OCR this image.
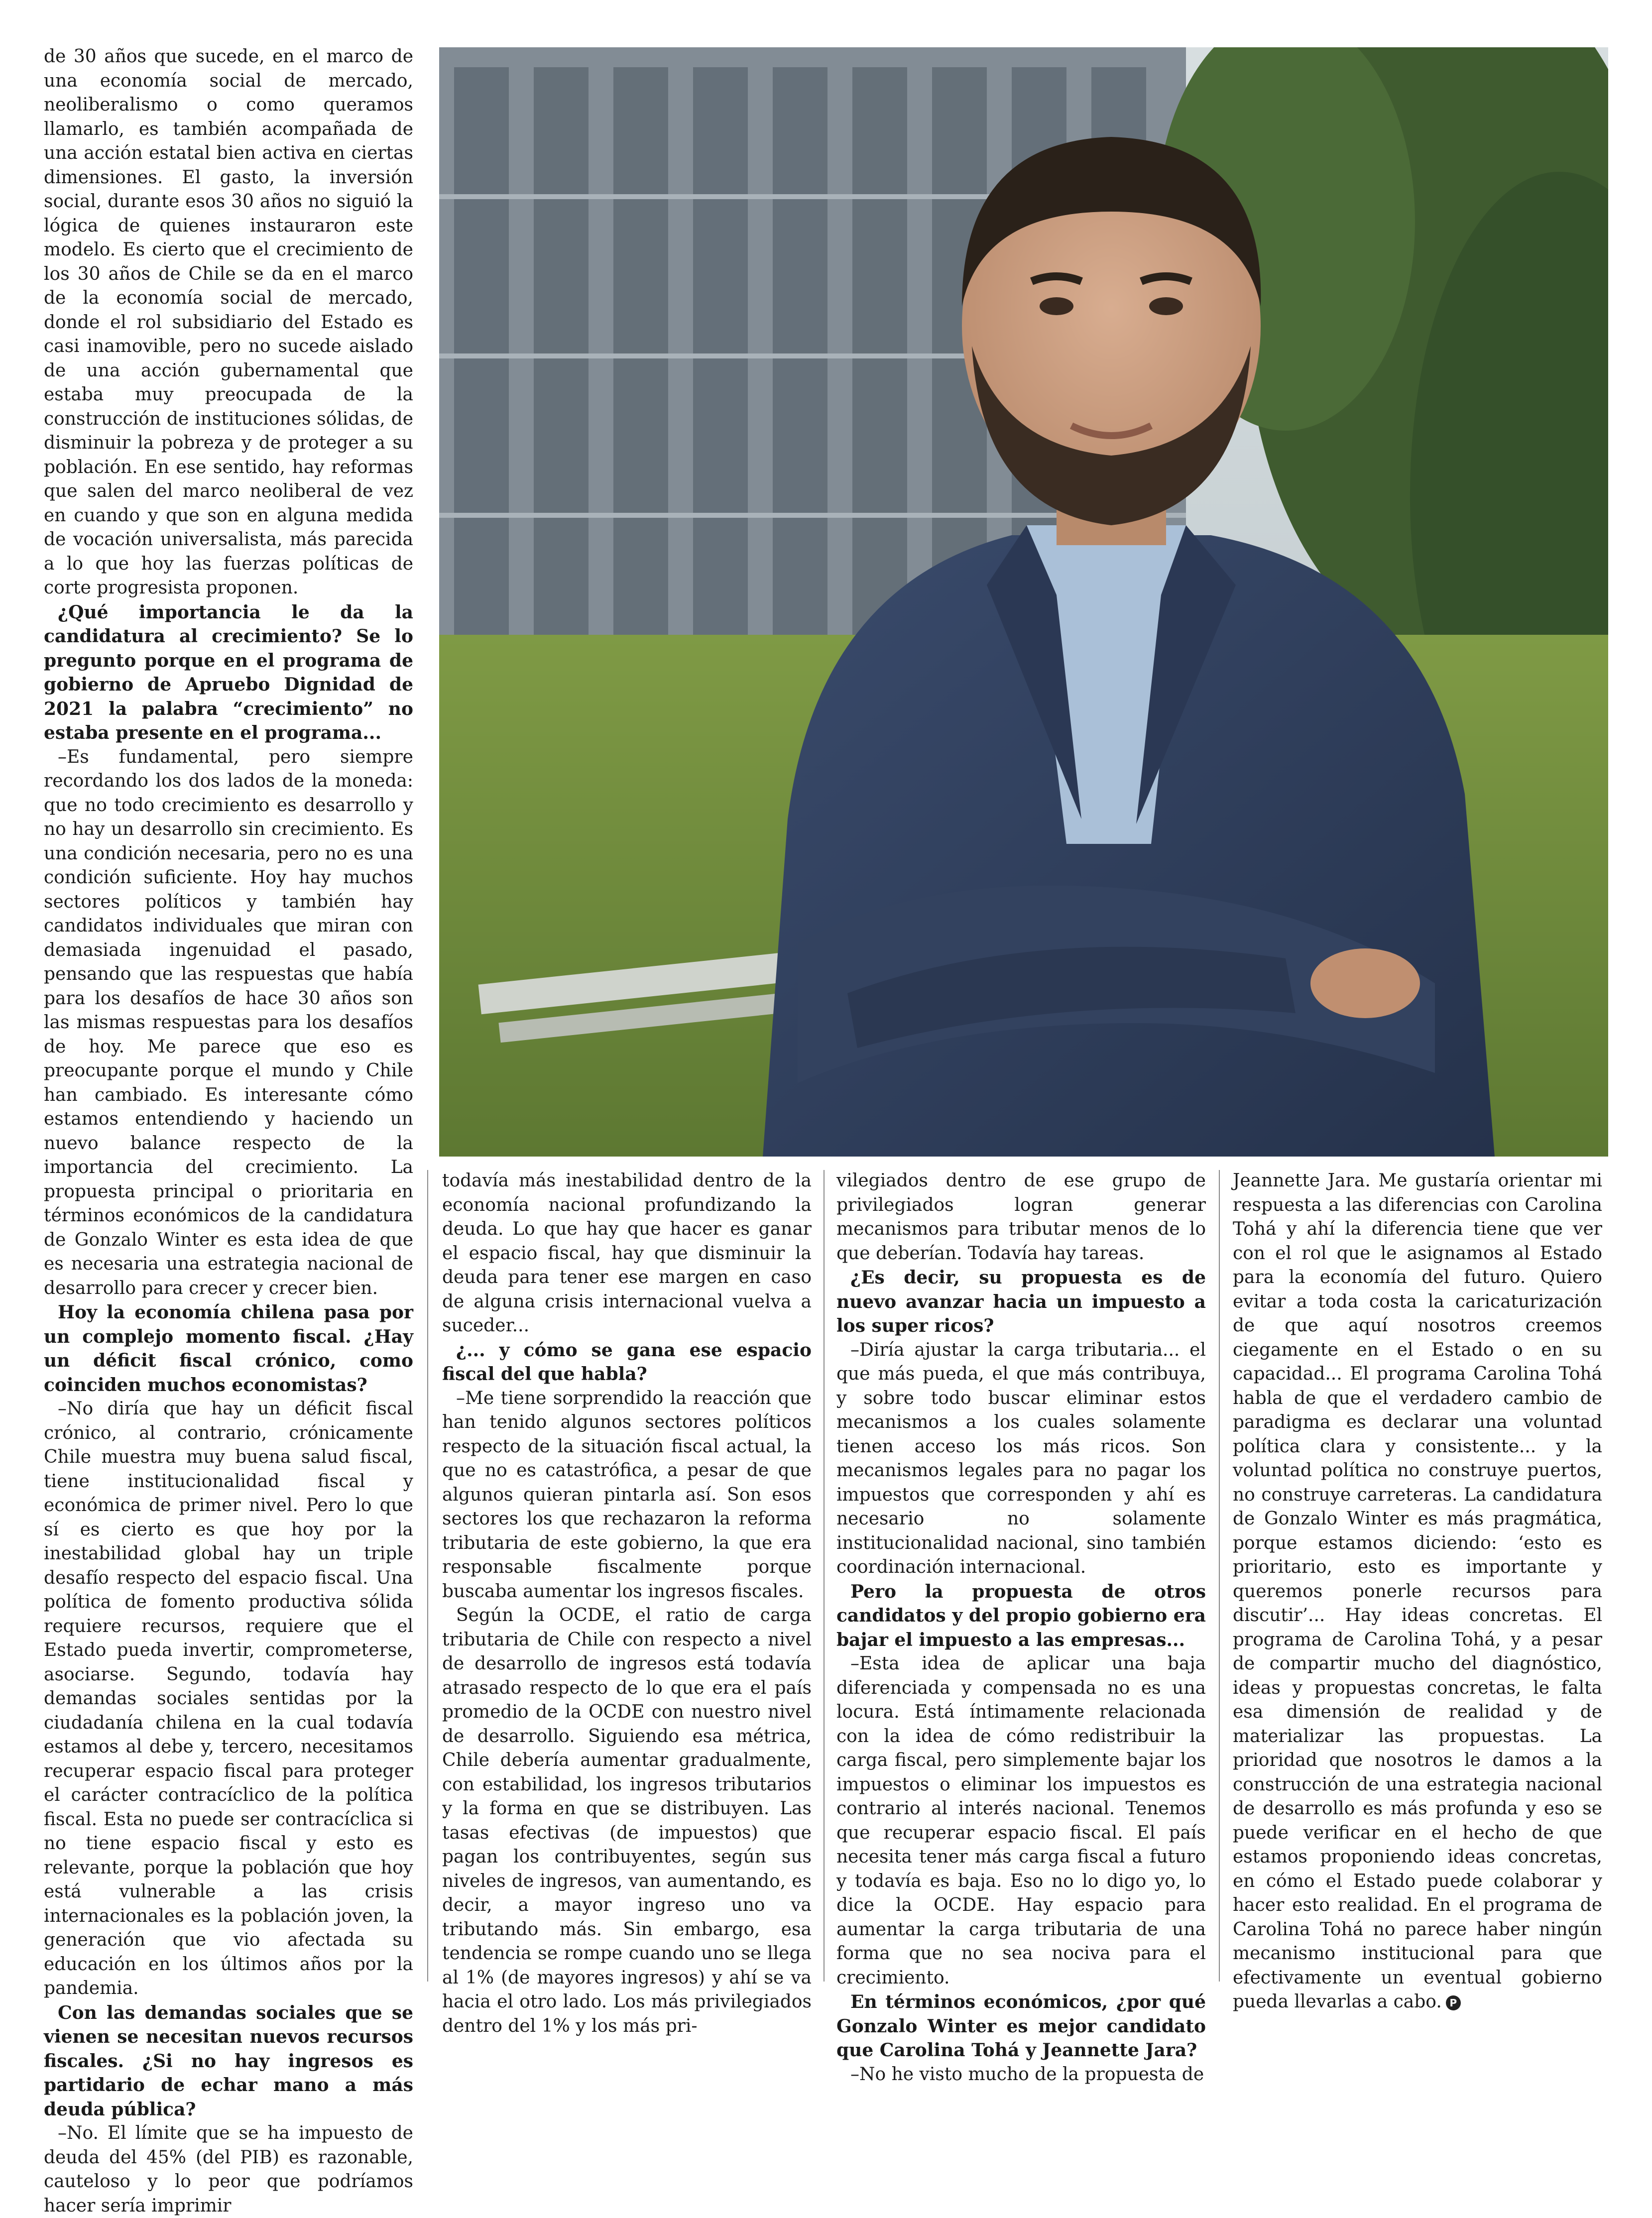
de 30 años que sucede, en el marco de una economía social de mercado, neoliberalismo o como queramos llamarlo, es también acompañada de una acción estatal bien activa en ciertas dimensiones. El gasto, la inversión social, durante esos 30 años no siguió la lógica de quienes instauraron este modelo. Es cierto que el crecimiento de los 30 años de Chile se da en el marco de la economía social de mercado, donde el rol subsidiario del Estado es casi inamovible, pero no sucede aislado de una acción gubernamental que estaba muy preocupada de la construcción de instituciones sólidas, de disminuir la pobreza y de proteger a su población. En ese sentido, hay reformas que salen del marco neoliberal de vez en cuando y que son en alguna medida de vocación universalista, más parecida a lo que hoy las fuerzas políticas de corte progresista proponen.

¿Qué importancia le da la candidatura al crecimiento? Se lo pregunto porque en el programa de gobierno de Apruebo Dignidad de 2021 la palabra “crecimiento” no estaba presente en el programa...

–Es fundamental, pero siempre recordando los dos lados de la moneda: que no todo crecimiento es desarrollo y no hay un desarrollo sin crecimiento. Es una condición necesaria, pero no es una condición suficiente. Hoy hay muchos sectores políticos y también hay candidatos individuales que miran con demasiada ingenuidad el pasado, pensando que las respuestas que había para los desafíos de hace 30 años son las mismas respuestas para los desafíos de hoy. Me parece que eso es preocupante porque el mundo y Chile han cambiado. Es interesante cómo estamos entendiendo y haciendo un nuevo balance respecto de la importancia del crecimiento. La propuesta principal o prioritaria en términos económicos de la candidatura de Gonzalo Winter es esta idea de que es necesaria una estrategia nacional de desarrollo para crecer y crecer bien.

Hoy la economía chilena pasa por un complejo momento fiscal. ¿Hay un déficit fiscal crónico, como coinciden muchos economistas?

–No diría que hay un déficit fiscal crónico, al contrario, crónicamente Chile muestra muy buena salud fiscal, tiene institucionalidad fiscal y económica de primer nivel. Pero lo que sí es cierto es que hoy por la inestabilidad global hay un triple desafío respecto del espacio fiscal. Una política de fomento productiva sólida requiere recursos, requiere que el Estado pueda invertir, comprometerse, asociarse. Segundo, todavía hay demandas sociales sentidas por la ciudadanía chilena en la cual todavía estamos al debe y, tercero, necesitamos recuperar espacio fiscal para proteger el carácter contracíclico de la política fiscal. Esta no puede ser contracíclica si no tiene espacio fiscal y esto es relevante, porque la población que hoy está vulnerable a las crisis internacionales es la población joven, la generación que vio afectada su educación en los últimos años por la pandemia.

Con las demandas sociales que se vienen se necesitan nuevos recursos fiscales. ¿Si no hay ingresos es partidario de echar mano a más deuda pública?

–No. El límite que se ha impuesto de deuda del 45% (del PIB) es razonable, cauteloso y lo peor que podríamos hacer sería imprimir

todavía más inestabilidad dentro de la economía nacional profundizando la deuda. Lo que hay que hacer es ganar el espacio fiscal, hay que disminuir la deuda para tener ese margen en caso de alguna crisis internacional vuelva a suceder...

¿... y cómo se gana ese espacio fiscal del que habla?

–Me tiene sorprendido la reacción que han tenido algunos sectores políticos respecto de la situación fiscal actual, la que no es catastrófica, a pesar de que algunos quieran pintarla así. Son esos sectores los que rechazaron la reforma tributaria de este gobierno, la que era responsable fiscalmente porque buscaba aumentar los ingresos fiscales.

Según la OCDE, el ratio de carga tributaria de Chile con respecto a nivel de desarrollo de ingresos está todavía atrasado respecto de lo que era el país promedio de la OCDE con nuestro nivel de desarrollo. Siguiendo esa métrica, Chile debería aumentar gradualmente, con estabilidad, los ingresos tributarios y la forma en que se distribuyen. Las tasas efectivas (de impuestos) que pagan los contribuyentes, según sus niveles de ingresos, van aumentando, es decir, a mayor ingreso uno va tributando más. Sin embargo, esa tendencia se rompe cuando uno se llega al 1% (de mayores ingresos) y ahí se va hacia el otro lado. Los más privilegiados dentro del 1% y los más pri-

vilegiados dentro de ese grupo de privilegiados logran generar mecanismos para tributar menos de lo que deberían. Todavía hay tareas.

¿Es decir, su propuesta es de nuevo avanzar hacia un impuesto a los super ricos?

–Diría ajustar la carga tributaria... el que más pueda, el que más contribuya, y sobre todo buscar eliminar estos mecanismos a los cuales solamente tienen acceso los más ricos. Son mecanismos legales para no pagar los impuestos que corresponden y ahí es necesario no solamente institucionalidad nacional, sino también coordinación internacional.

Pero la propuesta de otros candidatos y del propio gobierno era bajar el impuesto a las empresas...

–Esta idea de aplicar una baja diferenciada y compensada no es una locura. Está íntimamente relacionada con la idea de cómo redistribuir la carga fiscal, pero simplemente bajar los impuestos o eliminar los impuestos es contrario al interés nacional. Tenemos que recuperar espacio fiscal. El país necesita tener más carga fiscal a futuro y todavía es baja. Eso no lo digo yo, lo dice la OCDE. Hay espacio para aumentar la carga tributaria de una forma que no sea nociva para el crecimiento.

En términos económicos, ¿por qué Gonzalo Winter es mejor candidato que Carolina Tohá y Jeannette Jara?

–No he visto mucho de la propuesta de

Jeannette Jara. Me gustaría orientar mi respuesta a las diferencias con Carolina Tohá y ahí la diferencia tiene que ver con el rol que le asignamos al Estado para la economía del futuro. Quiero evitar a toda costa la caricaturización de que aquí nosotros creemos ciegamente en el Estado o en su capacidad... El programa Carolina Tohá habla de que el verdadero cambio de paradigma es declarar una voluntad política clara y consistente... y la voluntad política no construye puertos, no construye carreteras. La candidatura de Gonzalo Winter es más pragmática, porque estamos diciendo: ‘esto es prioritario, esto es importante y queremos ponerle recursos para discutir’... Hay ideas concretas. El programa de Carolina Tohá, y a pesar de compartir mucho del diagnóstico, ideas y propuestas concretas, le falta esa dimensión de realidad y de materializar las propuestas. La prioridad que nosotros le damos a la construcción de una estrategia nacional de desarrollo es más profunda y eso se puede verificar en el hecho de que estamos proponiendo ideas concretas, en cómo el Estado puede colaborar y hacer esto realidad. En el programa de Carolina Tohá no parece haber ningún mecanismo institucional para que efectivamente un eventual gobierno pueda llevarlas a cabo. P
